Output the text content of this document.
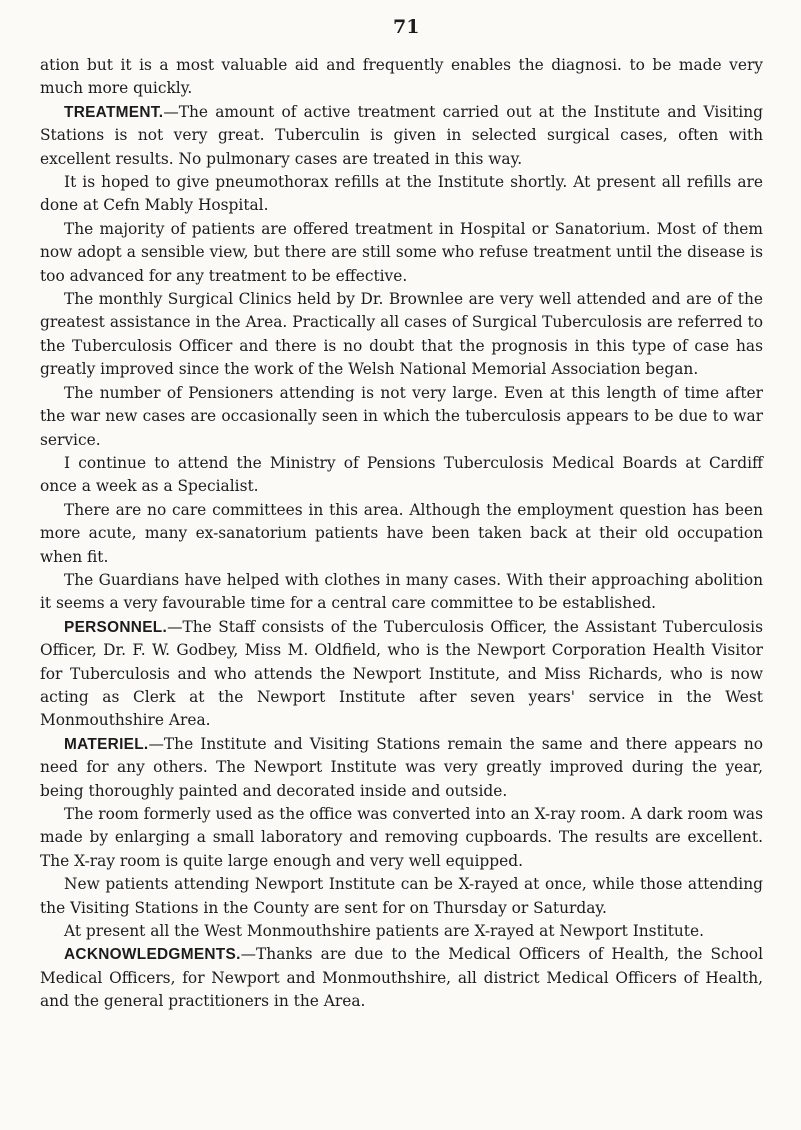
71

ation but it is a most valuable aid and frequently enables the diagnosi. to be made very much more quickly.

TREATMENT.—The amount of active treatment carried out at the Institute and Visiting Stations is not very great. Tuberculin is given in selected surgical cases, often with excellent results. No pulmonary cases are treated in this way.

It is hoped to give pneumothorax refills at the Institute shortly. At present all refills are done at Cefn Mably Hospital.

The majority of patients are offered treatment in Hospital or Sanatorium. Most of them now adopt a sensible view, but there are still some who refuse treatment until the disease is too advanced for any treatment to be effective.

The monthly Surgical Clinics held by Dr. Brownlee are very well attended and are of the greatest assistance in the Area. Practically all cases of Surgical Tuberculosis are referred to the Tuberculosis Officer and there is no doubt that the prognosis in this type of case has greatly improved since the work of the Welsh National Memorial Association began.

The number of Pensioners attending is not very large. Even at this length of time after the war new cases are occasionally seen in which the tuberculosis appears to be due to war service.

I continue to attend the Ministry of Pensions Tuberculosis Medical Boards at Cardiff once a week as a Specialist.

There are no care committees in this area. Although the employment question has been more acute, many ex-sanatorium patients have been taken back at their old occupation when fit.

The Guardians have helped with clothes in many cases. With their approaching abolition it seems a very favourable time for a central care committee to be established.

PERSONNEL.—The Staff consists of the Tuberculosis Officer, the Assistant Tuberculosis Officer, Dr. F. W. Godbey, Miss M. Oldfield, who is the Newport Corporation Health Visitor for Tuberculosis and who attends the Newport Institute, and Miss Richards, who is now acting as Clerk at the Newport Institute after seven years' service in the West Monmouthshire Area.

MATERIEL.—The Institute and Visiting Stations remain the same and there appears no need for any others. The Newport Institute was very greatly improved during the year, being thoroughly painted and decorated inside and outside.

The room formerly used as the office was converted into an X-ray room. A dark room was made by enlarging a small laboratory and removing cupboards. The results are excellent. The X-ray room is quite large enough and very well equipped.

New patients attending Newport Institute can be X-rayed at once, while those attending the Visiting Stations in the County are sent for on Thursday or Saturday.

At present all the West Monmouthshire patients are X-rayed at Newport Institute.

ACKNOWLEDGMENTS.—Thanks are due to the Medical Officers of Health, the School Medical Officers, for Newport and Monmouthshire, all district Medical Officers of Health, and the general practitioners in the Area.
